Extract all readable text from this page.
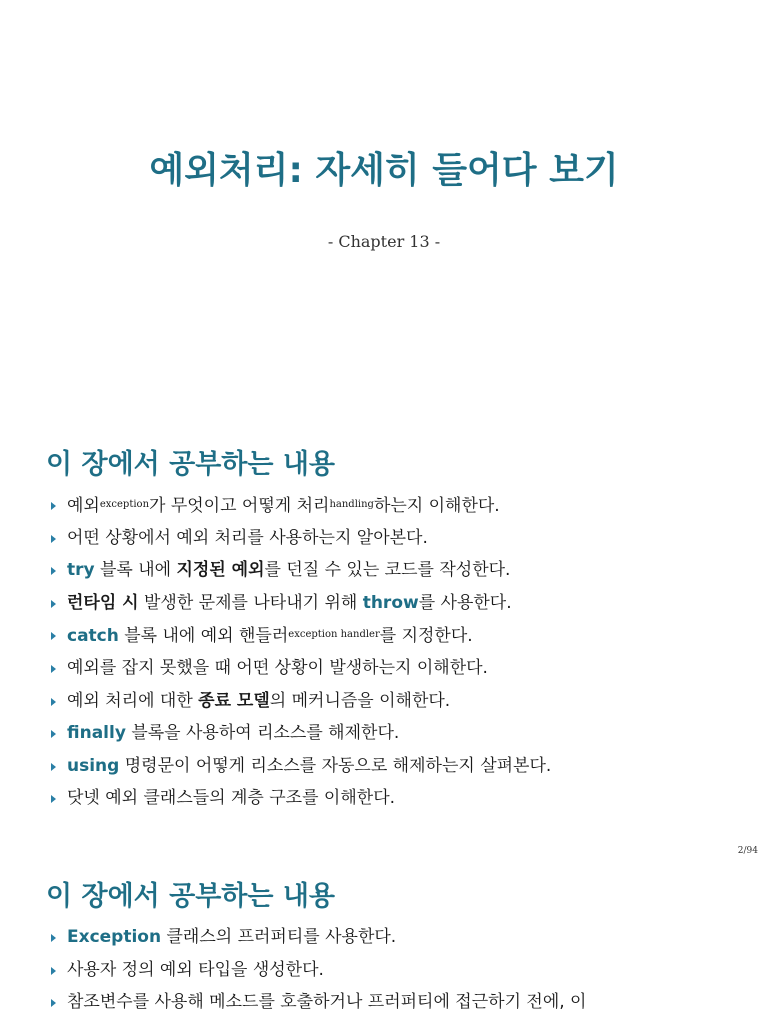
예외처리: 자세히 들어다 보기

- Chapter 13 -

이 장에서 공부하는 내용
예외$^{exception}$가 무엇이고 어떻게 처리$^{handling}$하는지 이해한다.
어떤 상황에서 예외 처리를 사용하는지 알아본다.
try 블록 내에 지정된 예외를 던질 수 있는 코드를 작성한다.
런타임 시 발생한 문제를 나타내기 위해 throw를 사용한다.
catch 블록 내에 예외 핸들러$^{exception handler}$를 지정한다.
예외를 잡지 못했을 때 어떤 상황이 발생하는지 이해한다.
예외 처리에 대한 종료 모델의 메커니즘을 이해한다.
finally 블록을 사용하여 리소스를 해제한다.
using 명령문이 어떻게 리소스를 자동으로 해제하는지 살펴본다.
닷넷 예외 클래스들의 계층 구조를 이해한다.
2/94
이 장에서 공부하는 내용
Exception 클래스의 프러퍼티를 사용한다.
사용자 정의 예외 타입을 생성한다.
참조변수를 사용해 메소드를 호출하거나 프러퍼티에 접근하기 전에, 이
